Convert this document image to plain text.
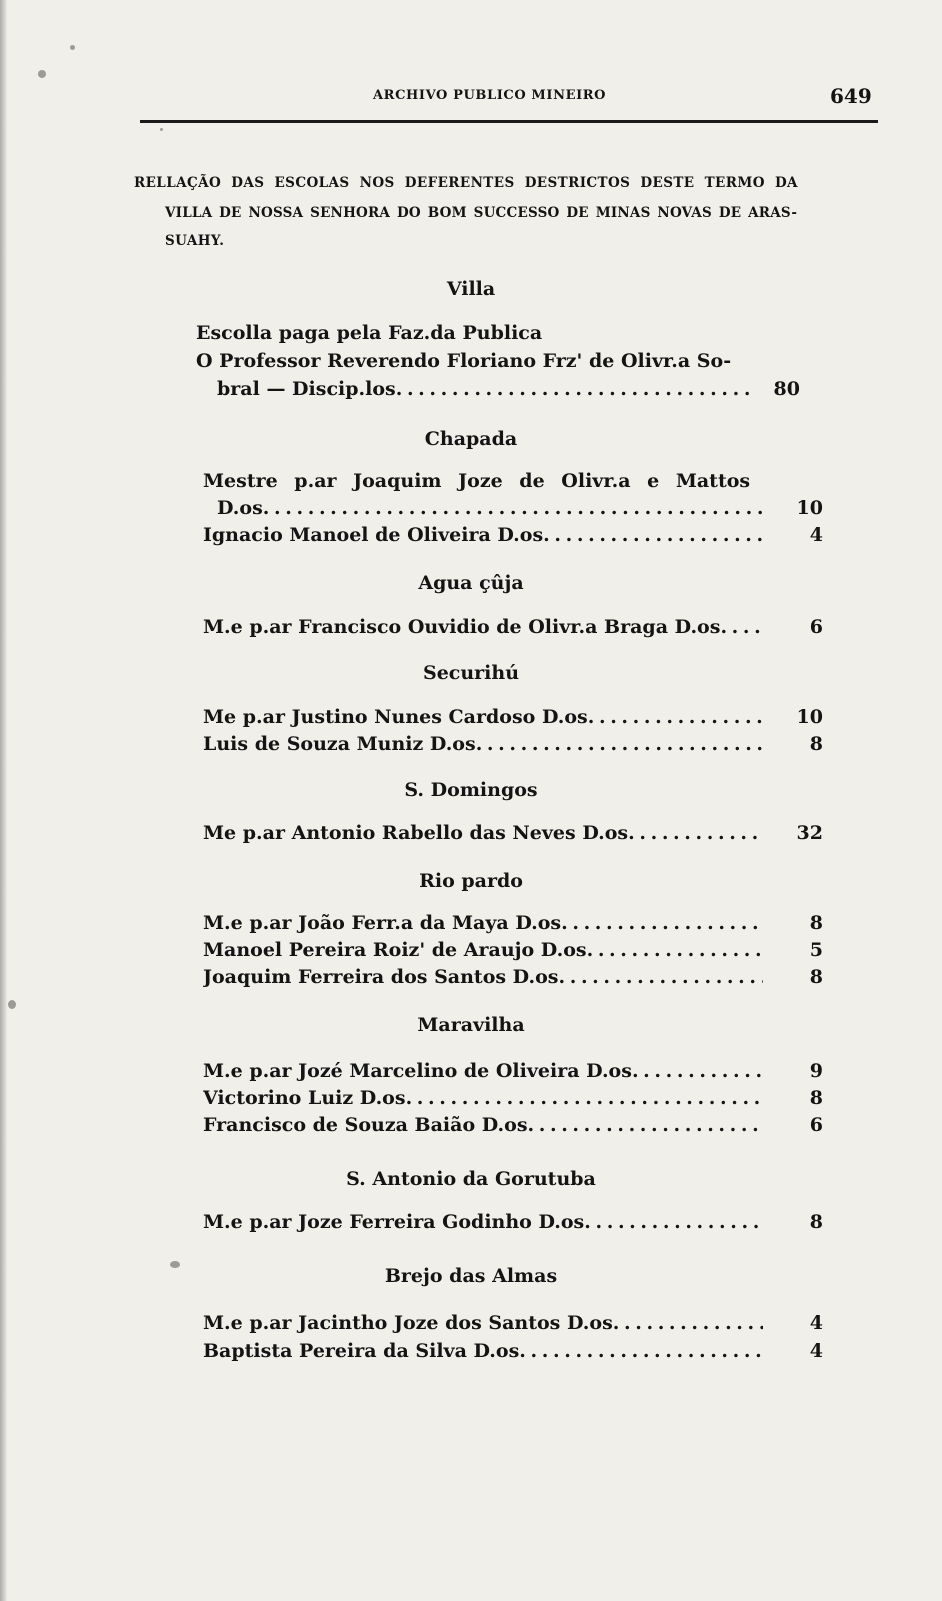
ARCHIVO PUBLICO MINEIRO	649
RELLAÇÃO DAS ESCOLAS NOS DEFERENTES DESTRICTOS DESTE TERMO DA
VILLA DE NOSSA SENHORA DO BOM SUCCESSO DE MINAS NOVAS DE ARAS-
SUAHY.
Villa
Escolla paga pela Faz.da Publica
O Professor Reverendo Floriano Frz' de Olivr.a So-
bral — Discip.los . . .	80
Chapada
Mestre p.ar Joaquim Joze de Olivr.a e Mattos
D.os . . .	10
Ignacio Manoel de Oliveira D.os . . .	4
Agua çûja
M.e p.ar Francisco Ouvidio de Olivr.a Braga D.os . . .	6
Securihú
Me p.ar Justino Nunes Cardoso D.os . . .	10
Luis de Souza Muniz D.os . . .	8
S. Domingos
Me p.ar Antonio Rabello das Neves D.os . . .	32
Rio pardo
M.e p.ar João Ferr.a da Maya D.os . . .	8
Manoel Pereira Roiz' de Araujo D.os . . .	5
Joaquim Ferreira dos Santos D.os . . .	8
Maravilha
M.e p.ar Jozé Marcelino de Oliveira D.os . . .	9
Victorino Luiz D.os . . .	8
Francisco de Souza Baião D.os . . .	6
S. Antonio da Gorutuba
M.e p.ar Joze Ferreira Godinho D.os . . .	8
Brejo das Almas
M.e p.ar Jacintho Joze dos Santos D.os . . .	4
Baptista Pereira da Silva D.os . . .	4
